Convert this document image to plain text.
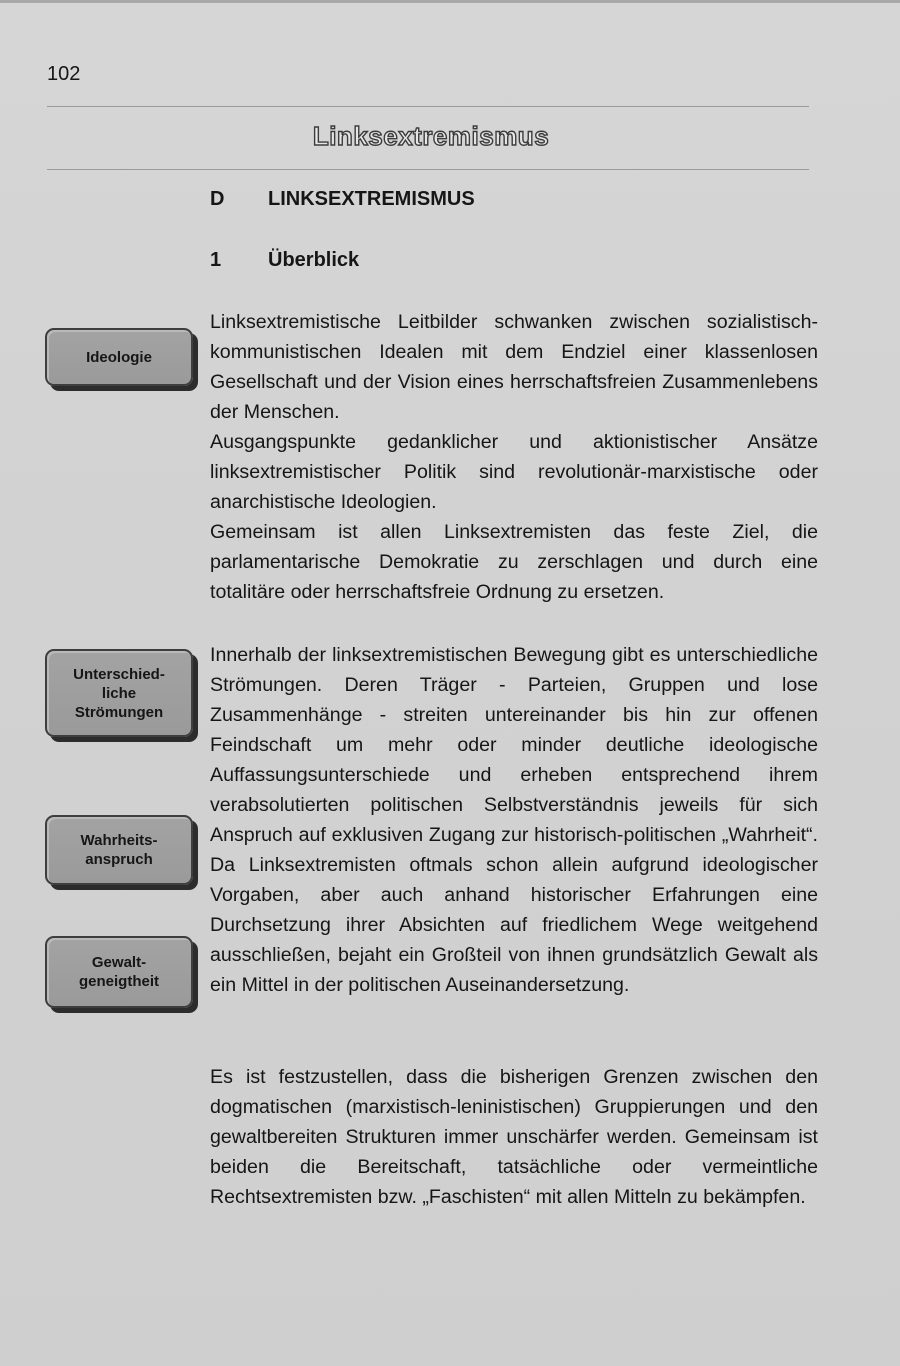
102
Linksextremismus
D LINKSEXTREMISMUS
1 Überblick
Ideologie
Unterschied-
liche
Strömungen
Wahrheits-
anspruch
Gewalt-
geneigtheit

Linksextremistische Leitbilder schwanken zwischen sozialistisch-kommunistischen Idealen mit dem Endziel einer klassenlosen Gesellschaft und der Vision eines herrschaftsfreien Zusammenlebens der Menschen.
Ausgangspunkte gedanklicher und aktionistischer Ansätze linksextremistischer Politik sind revolutionär-marxistische oder anarchistische Ideologien.
Gemeinsam ist allen Linksextremisten das feste Ziel, die parlamentarische Demokratie zu zerschlagen und durch eine totalitäre oder herrschaftsfreie Ordnung zu ersetzen.

Innerhalb der linksextremistischen Bewegung gibt es unterschiedliche Strömungen. Deren Träger - Parteien, Gruppen und lose Zusammenhänge - streiten untereinander bis hin zur offenen Feindschaft um mehr oder minder deutliche ideologische Auffassungsunterschiede und erheben entsprechend ihrem verabsolutierten politischen Selbstverständnis jeweils für sich Anspruch auf exklusiven Zugang zur historisch-politischen „Wahrheit“. Da Linksextremisten oftmals schon allein aufgrund ideologischer Vorgaben, aber auch anhand historischer Erfahrungen eine Durchsetzung ihrer Absichten auf friedlichem Wege weitgehend ausschließen, bejaht ein Großteil von ihnen grundsätzlich Gewalt als ein Mittel in der politischen Auseinandersetzung.

Es ist festzustellen, dass die bisherigen Grenzen zwischen den dogmatischen (marxistisch-leninistischen) Gruppierungen und den gewaltbereiten Strukturen immer unschärfer werden. Gemeinsam ist beiden die Bereitschaft, tatsächliche oder vermeintliche Rechtsextremisten bzw. „Faschisten“ mit allen Mitteln zu bekämpfen.
